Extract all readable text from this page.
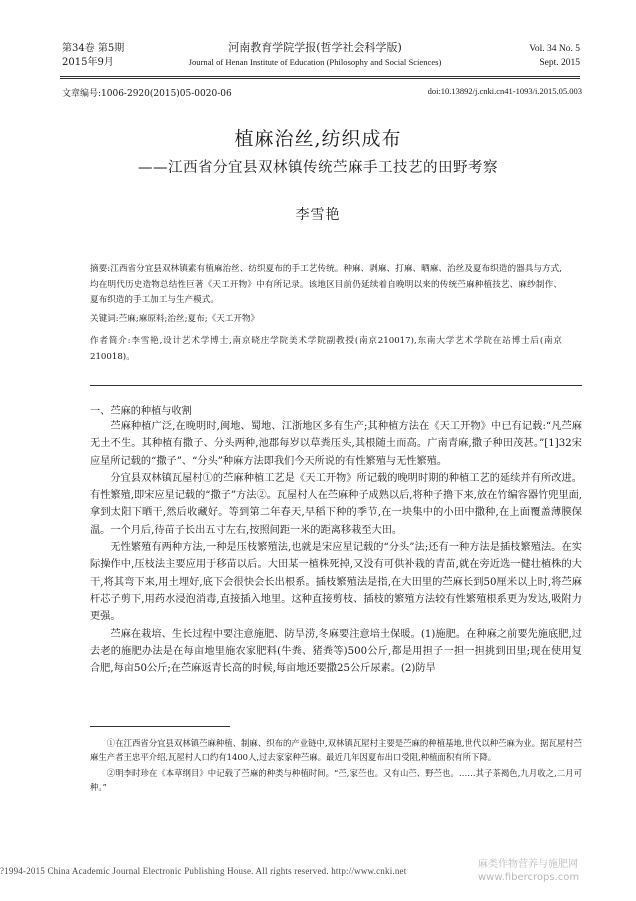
第34卷 第5期
2015年9月
河南教育学院学报(哲学社会科学版)
Journal of Henan Institute of Education (Philosophy and Social Sciences)
Vol. 34 No. 5
Sept. 2015
文章编号:1006-2920(2015)05-0020-06	doi:10.13892/j.cnki.cn41-1093/i.2015.05.003
植麻治丝,纺织成布
——江西省分宜县双林镇传统苎麻手工技艺的田野考察
李雪艳
摘要:江西省分宜县双林镇素有植麻治丝、纺织夏布的手工艺传统。种麻、剥麻、打麻、晒麻、治丝及夏布织造的器具与方式,均在明代历史造物总结性巨著《天工开物》中有所记录。该地区目前仍延续着自晚明以来的传统苎麻种植技艺、麻纱制作、夏布织造的手工加工与生产模式。
关键词:苎麻;麻原料;治丝;夏布;《天工开物》
作者简介:李雪艳,设计艺术学博士,南京晓庄学院美术学院副教授(南京210017),东南大学艺术学院在站博士后(南京210018)。
一、苎麻的种植与收割

苎麻种植广泛,在晚明时,闽地、蜀地、江浙地区多有生产;其种植方法在《天工开物》中已有记载:“凡苎麻无土不生。其种植有撒子、分头两种,池郡每岁以草粪压头,其根随土而高。广南青麻,撒子种田茂甚。”[1]32宋应星所记载的“撒子”、“分头”种麻方法即我们今天所说的有性繁殖与无性繁殖。

分宜县双林镇瓦屋村①的苎麻种植工艺是《天工开物》所记载的晚明时期的种植工艺的延续并有所改进。有性繁殖,即宋应星记载的“撒子”方法②。瓦屋村人在苎麻种子成熟以后,将种子撸下来,放在竹编容器竹兜里面,拿到太阳下晒干,然后收藏好。等到第二年春天,早稻下种的季节,在一块集中的小田中撒种,在上面覆盖薄膜保温。一个月后,待苗子长出五寸左右,按照间距一米的距离移栽至大田。

无性繁殖有两种方法,一种是压枝繁殖法,也就是宋应星记载的“分头”法;还有一种方法是插枝繁殖法。在实际操作中,压枝法主要应用于移苗以后。大田某一植株死掉,又没有可供补栽的青苗,就在旁近选一健壮植株的大干,将其弯下来,用土埋好,底下会很快会长出根系。插枝繁殖法是指,在大田里的苎麻长到50厘米以上时,将苎麻杆芯子剪下,用药水浸泡消毒,直接插入地里。这种直接剪枝、插枝的繁殖方法较有性繁殖根系更为发达,吸附力更强。

苎麻在栽培、生长过程中要注意施肥、防旱涝,冬麻要注意培土保暖。(1)施肥。在种麻之前要先施底肥,过去老的施肥办法是在每亩地里施农家肥料(牛粪、猪粪等)500公斤,都是用担子一担一担挑到田里;现在使用复合肥,每亩50公斤;在苎麻返青长高的时候,每亩地还要撒25公斤尿素。(2)防旱

①在江西省分宜县双林镇苎麻种植、制麻、织布的产业链中,双林镇瓦屋村主要是苎麻的种植基地,世代以种苎麻为业。据瓦屋村苎麻生产者王忠平介绍,瓦屋村人口约有1400人,过去家家种苎麻。最近几年因夏布出口受阻,种植面积有所下降。

②明李时珍在《本草纲目》中记载了苎麻的种类与种植时间。“苎,家苎也。又有山苎、野苎也。……其子茶褐色,九月收之,二月可种。”

?1994-2015 China Academic Journal Electronic Publishing House. All rights reserved. http://www.cnki.net
麻类作物营养与施肥网 www.fibercrops.com
